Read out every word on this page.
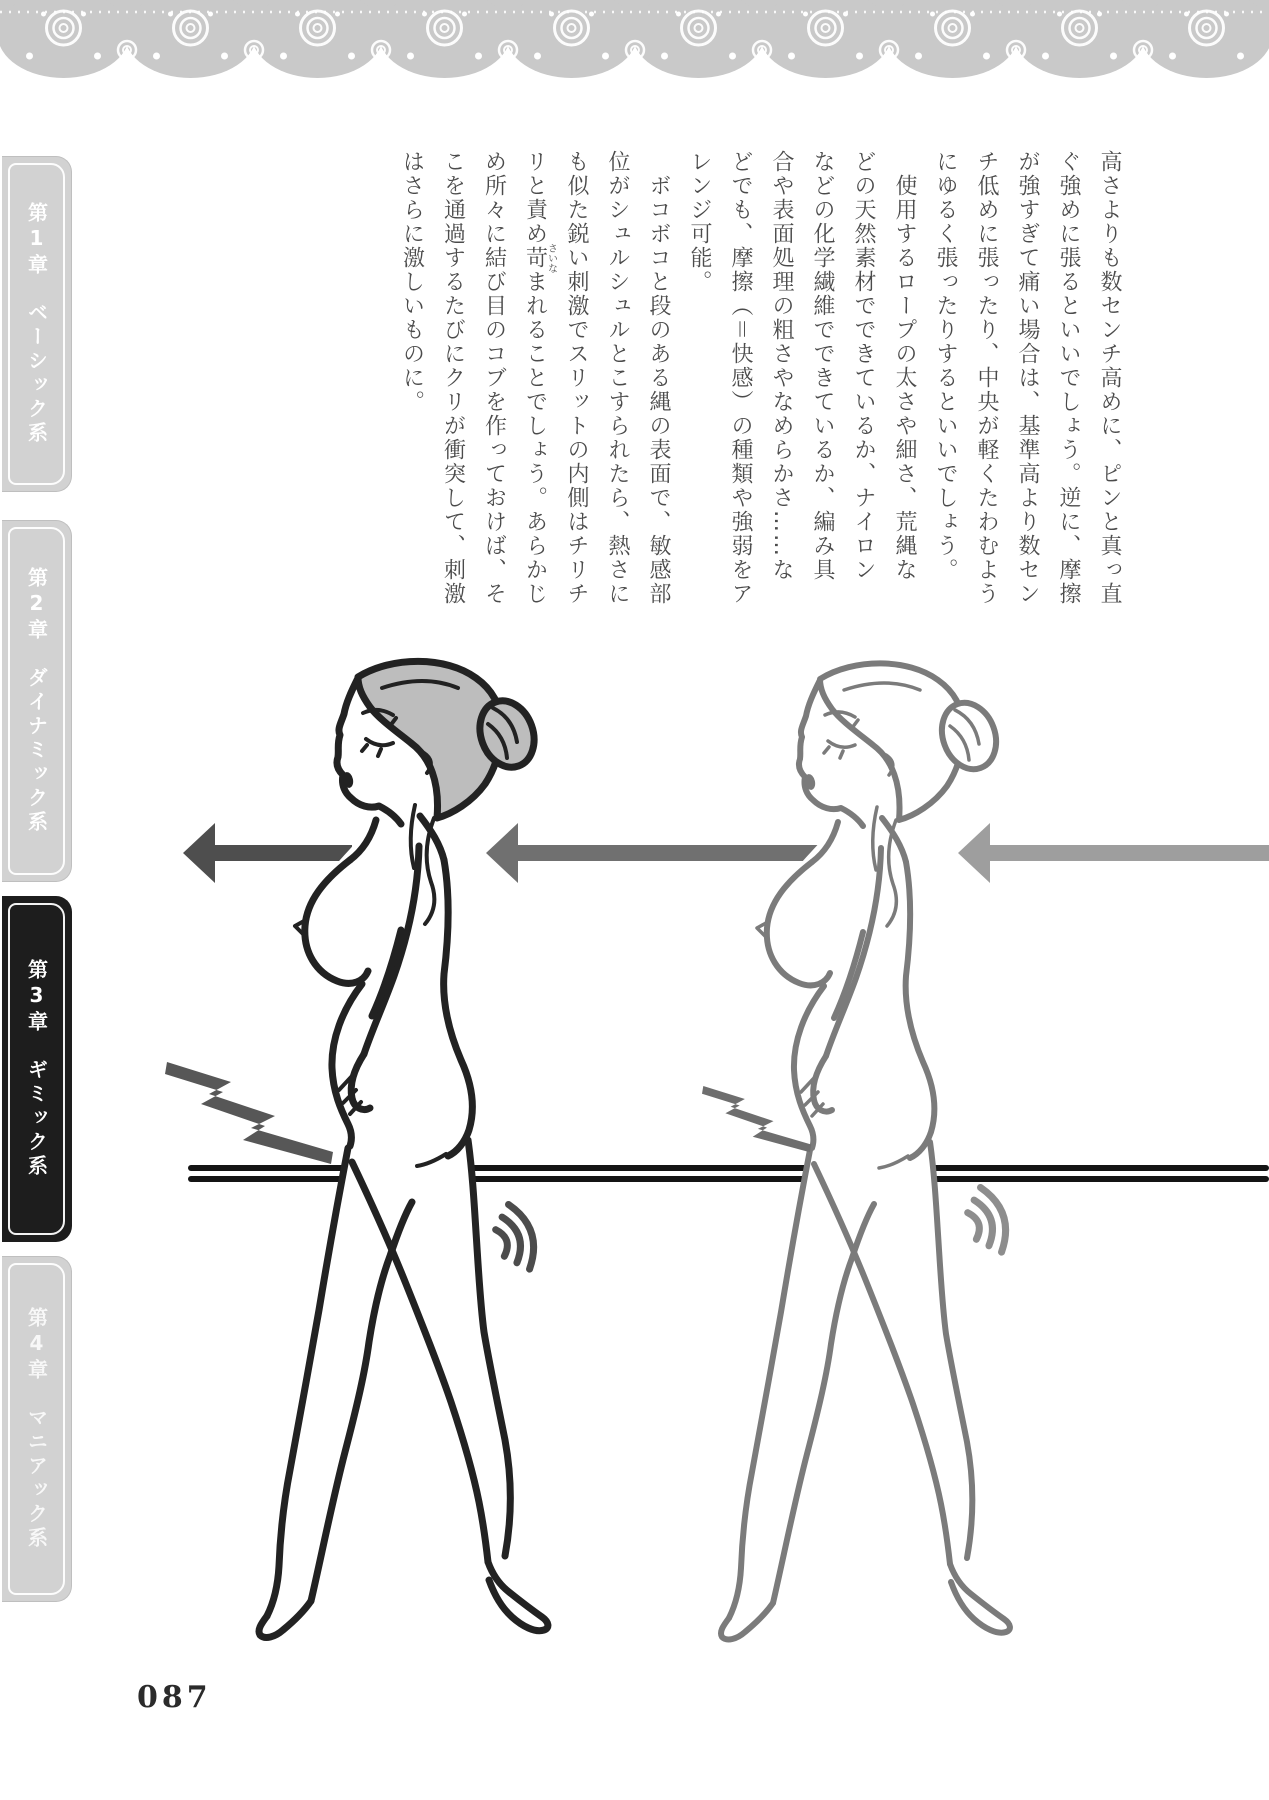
第1章　ベーシック系
第2章　ダイナミック系
第3章　ギミック系
第4章　マニアック系

高さよりも数センチ高めに、ピンと真っ直

ぐ強めに張るといいでしょう。逆に、摩擦

が強すぎて痛い場合は、基準高より数セン

チ低めに張ったり、中央が軽くたわむよう

にゆるく張ったりするといいでしょう。

　使用するロープの太さや細さ、荒縄な

どの天然素材でできているか、ナイロン

などの化学繊維でできているか、編み具

合や表面処理の粗さやなめらかさ……な

どでも、摩擦（＝快感）の種類や強弱をア

レンジ可能。

　ボコボコと段のある縄の表面で、敏感部

位がシュルシュルとこすられたら、熱さに

も似た鋭い刺激でスリットの内側はチリチ

リと責め苛さいなまれることでしょう。あらかじ

め所々に結び目のコブを作っておけば、そ

こを通過するたびにクリが衝突して、刺激

はさらに激しいものに。

087
